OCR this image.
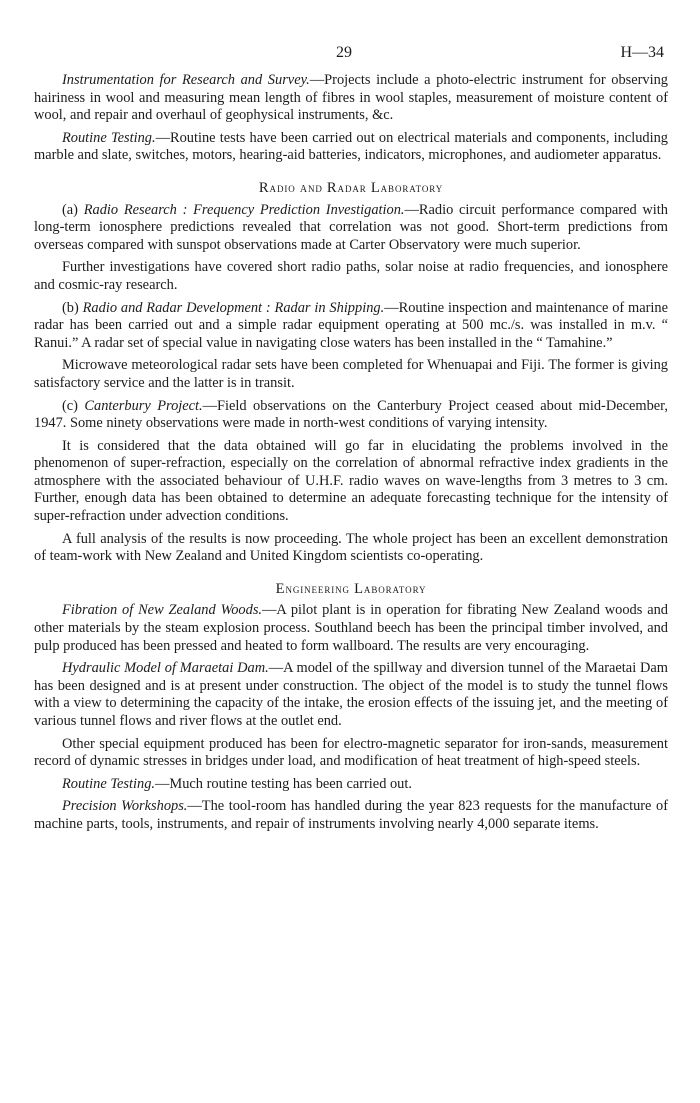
29	H—34

Instrumentation for Research and Survey.—Projects include a photo-electric instrument for observing hairiness in wool and measuring mean length of fibres in wool staples, measurement of moisture content of wool, and repair and overhaul of geophysical instruments, &c.

Routine Testing.—Routine tests have been carried out on electrical materials and components, including marble and slate, switches, motors, hearing-aid batteries, indicators, microphones, and audiometer apparatus.

Radio and Radar Laboratory

(a) Radio Research : Frequency Prediction Investigation.—Radio circuit performance compared with long-term ionosphere predictions revealed that correlation was not good. Short-term predictions from overseas compared with sunspot observations made at Carter Observatory were much superior.

Further investigations have covered short radio paths, solar noise at radio frequencies, and ionosphere and cosmic-ray research.

(b) Radio and Radar Development : Radar in Shipping.—Routine inspection and maintenance of marine radar has been carried out and a simple radar equipment operating at 500 mc./s. was installed in m.v. “ Ranui.” A radar set of special value in navigating close waters has been installed in the “ Tamahine.”

Microwave meteorological radar sets have been completed for Whenuapai and Fiji. The former is giving satisfactory service and the latter is in transit.

(c) Canterbury Project.—Field observations on the Canterbury Project ceased about mid-December, 1947. Some ninety observations were made in north-west conditions of varying intensity.

It is considered that the data obtained will go far in elucidating the problems involved in the phenomenon of super-refraction, especially on the correlation of abnormal refractive index gradients in the atmosphere with the associated behaviour of U.H.F. radio waves on wave-lengths from 3 metres to 3 cm. Further, enough data has been obtained to determine an adequate forecasting technique for the intensity of super-refraction under advection conditions.

A full analysis of the results is now proceeding. The whole project has been an excellent demonstration of team-work with New Zealand and United Kingdom scientists co-operating.

Engineering Laboratory

Fibration of New Zealand Woods.—A pilot plant is in operation for fibrating New Zealand woods and other materials by the steam explosion process. Southland beech has been the principal timber involved, and pulp produced has been pressed and heated to form wallboard. The results are very encouraging.

Hydraulic Model of Maraetai Dam.—A model of the spillway and diversion tunnel of the Maraetai Dam has been designed and is at present under construction. The object of the model is to study the tunnel flows with a view to determining the capacity of the intake, the erosion effects of the issuing jet, and the meeting of various tunnel flows and river flows at the outlet end.

Other special equipment produced has been for electro-magnetic separator for iron-sands, measurement record of dynamic stresses in bridges under load, and modification of heat treatment of high-speed steels.

Routine Testing.—Much routine testing has been carried out.

Precision Workshops.—The tool-room has handled during the year 823 requests for the manufacture of machine parts, tools, instruments, and repair of instruments involving nearly 4,000 separate items.
